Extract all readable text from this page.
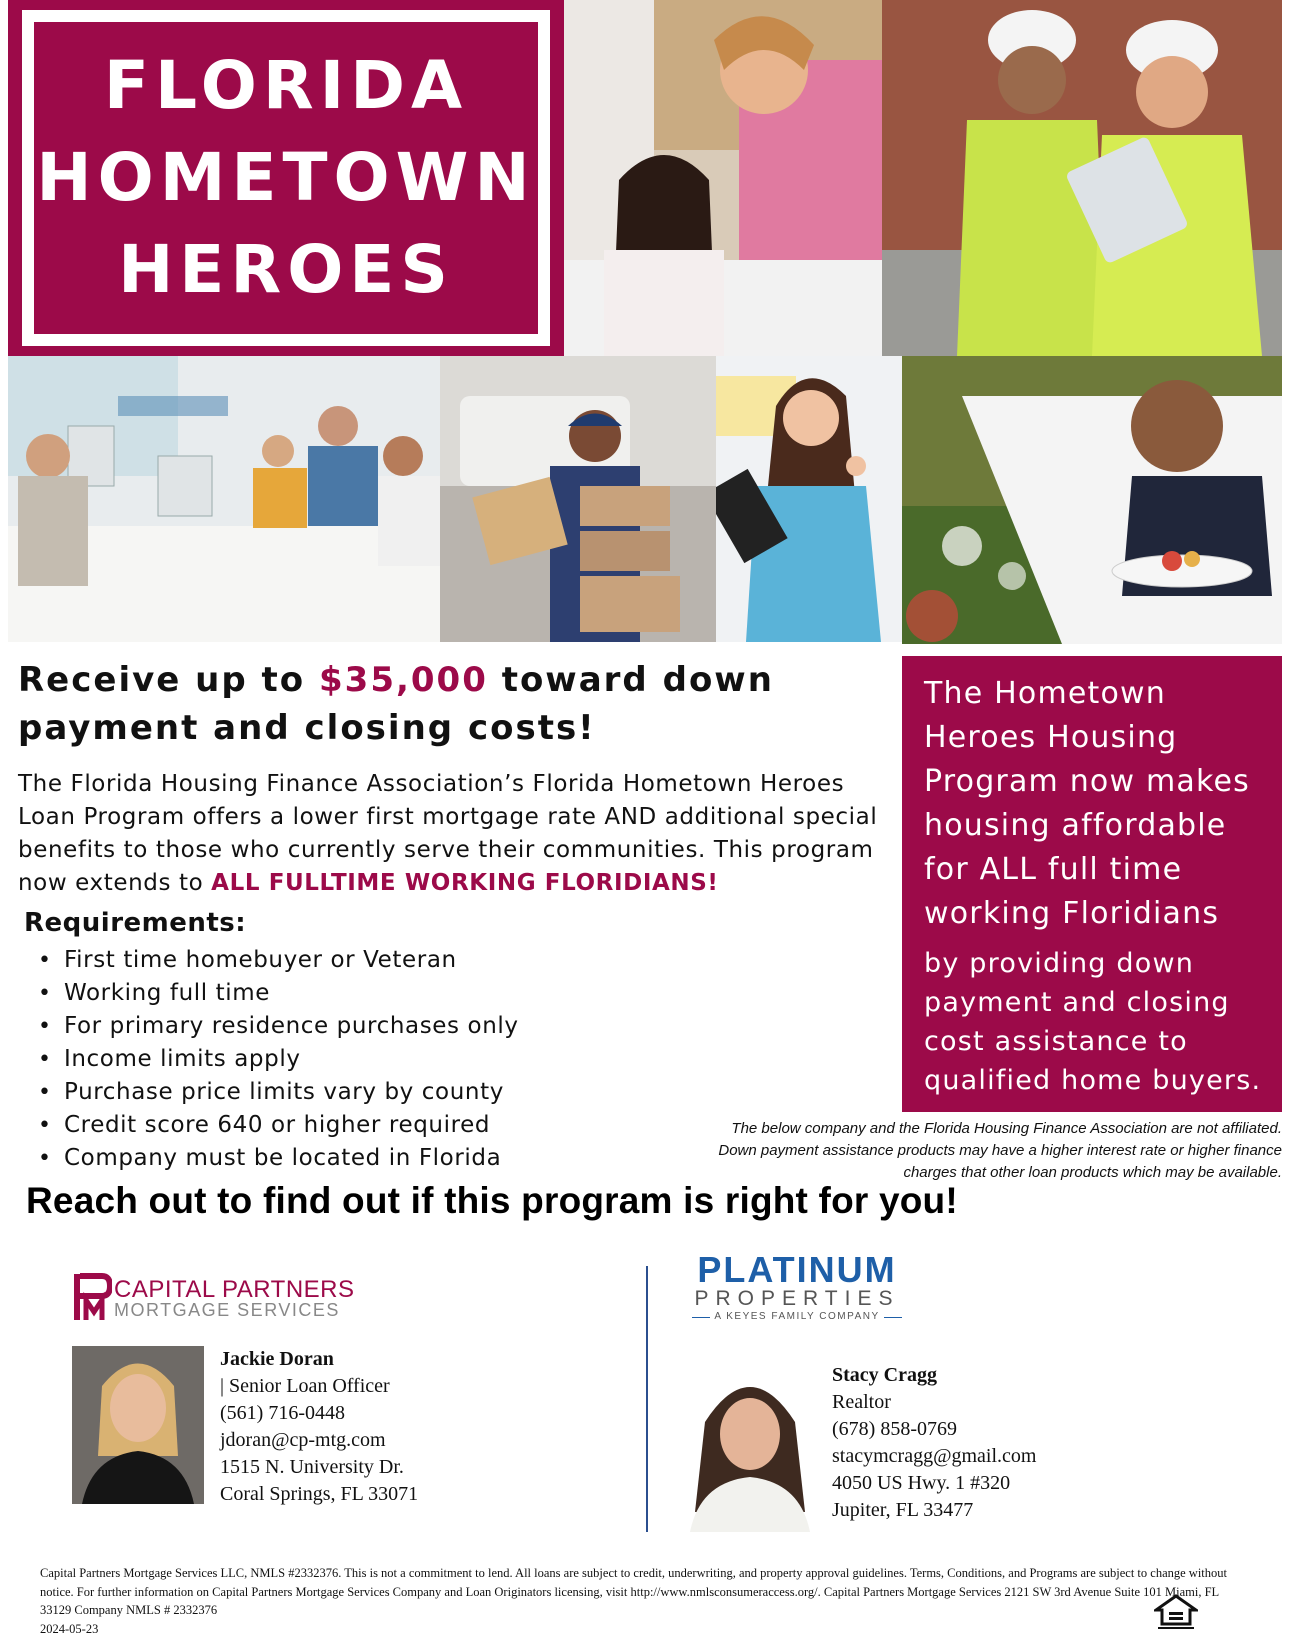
FLORIDA
HOMETOWN
HEROES
Receive up to $35,000 toward down payment and closing costs!
The Florida Housing Finance Association’s Florida Hometown Heroes Loan Program offers a lower first mortgage rate AND additional special benefits to those who currently serve their communities. This program now extends to ALL FULLTIME WORKING FLORIDIANS!
Requirements:
• First time homebuyer or Veteran
• Working full time
• For primary residence purchases only
• Income limits apply
• Purchase price limits vary by county
• Credit score 640 or higher required
• Company must be located in Florida
Reach out to find out if this program is right for you!
The Hometown Heroes Housing Program now makes housing affordable for ALL full time working Floridians
by providing down payment and closing cost assistance to qualified home buyers.
The below company and the Florida Housing Finance Association are not affiliated. Down payment assistance products may have a higher interest rate or higher finance charges that other loan products which may be available.
CAPITAL PARTNERS
MORTGAGE SERVICES
PLATINUM
PROPERTIES
A KEYES FAMILY COMPANY
Jackie Doran
| Senior Loan Officer
(561) 716-0448
jdoran@cp-mtg.com
1515 N. University Dr.
Coral Springs, FL 33071
Stacy Cragg
Realtor
(678) 858-0769
stacymcragg@gmail.com
4050 US Hwy. 1 #320
Jupiter, FL 33477
Capital Partners Mortgage Services LLC, NMLS #2332376. This is not a commitment to lend. All loans are subject to credit, underwriting, and property approval guidelines. Terms, Conditions, and Programs are subject to change without notice. For further information on Capital Partners Mortgage Services Company and Loan Originators licensing, visit http://www.nmlsconsumeraccess.org/. Capital Partners Mortgage Services 2121 SW 3rd Avenue Suite 101 Miami, FL 33129 Company NMLS # 2332376
2024-05-23
